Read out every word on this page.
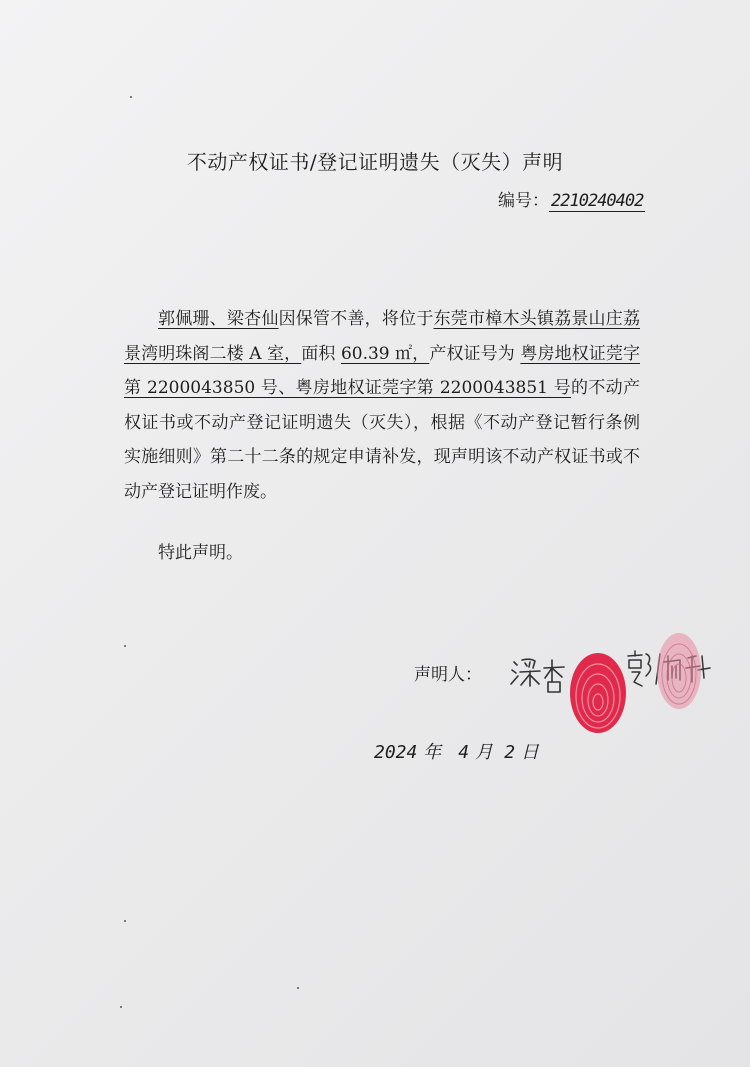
不动产权证书/登记证明遗失（灭失）声明
编号： 2210240402

郭佩珊、梁杏仙因保管不善，将位于东莞市樟木头镇荔景山庄荔景湾明珠阁二楼 A 室，面积 60.39 ㎡，产权证号为 粤房地权证莞字第 2200043850 号、粤房地权证莞字第 2200043851 号的不动产权证书或不动产登记证明遗失（灭失），根据《不动产登记暂行条例实施细则》第二十二条的规定申请补发，现声明该不动产权证书或不动产登记证明作废。

特此声明。
声明人：
2024 年 4 月 2 日
